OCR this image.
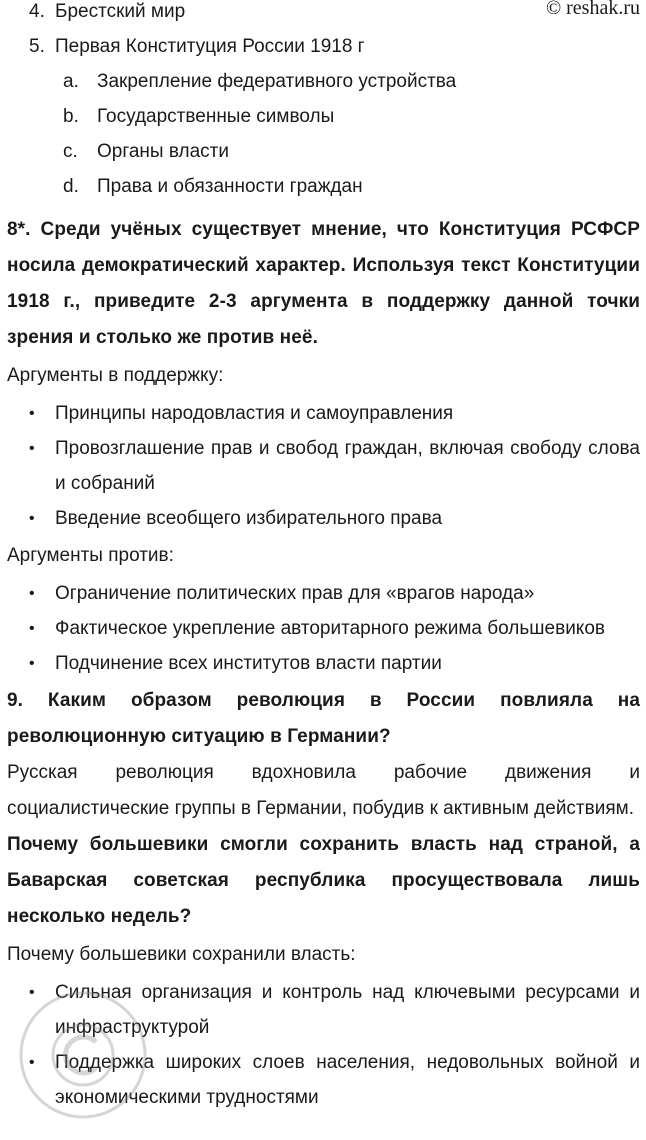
© reshak.ru
4. Брестский мир
5. Первая Конституция России 1918 г
a. Закрепление федеративного устройства
b. Государственные символы
c.	Органы власти
d. Права и обязанности граждан

8*. Среди учёных существует мнение, что Конституция РСФСР носила демократический характер. Используя текст Конституции 1918 г., приведите 2-3 аргумента в поддержку данной точки зрения и столько же против неё.

Аргументы в поддержку:

• Принципы народовластия и самоуправления
• Провозглашение прав и свобод граждан, включая свободу слова и собраний
• Введение всеобщего избирательного права

Аргументы против:

• Ограничение политических прав для «врагов народа»
• Фактическое укрепление авторитарного режима большевиков
• Подчинение всех институтов власти партии

9. Каким образом революция в России повлияла на революционную ситуацию в Германии?

Русская революция вдохновила рабочие движения и социалистические группы в Германии, побудив к активным действиям.

Почему большевики смогли сохранить власть над страной, а Баварская советская республика просуществовала лишь несколько недель?

Почему большевики сохранили власть:

• Сильная организация и контроль над ключевыми ресурсами и инфраструктурой
• Поддержка широких слоев населения, недовольных войной и экономическими трудностями
